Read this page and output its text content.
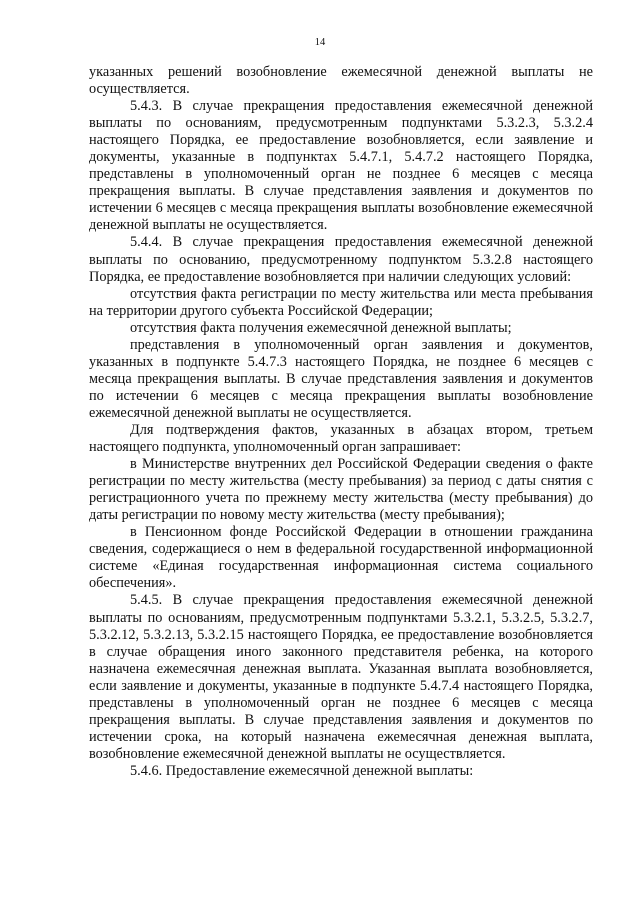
14

указанных решений возобновление ежемесячной денежной выплаты не осуществляется.

5.4.3. В случае прекращения предоставления ежемесячной денежной выплаты по основаниям, предусмотренным подпунктами 5.3.2.3, 5.3.2.4 настоящего Порядка, ее предоставление возобновляется, если заявление и документы, указанные в подпунктах 5.4.7.1, 5.4.7.2 настоящего Порядка, представлены в уполномоченный орган не позднее 6 месяцев с месяца прекращения выплаты. В случае представления заявления и документов по истечении 6 месяцев с месяца прекращения выплаты возобновление ежемесячной денежной выплаты не осуществляется.

5.4.4. В случае прекращения предоставления ежемесячной денежной выплаты по основанию, предусмотренному подпунктом 5.3.2.8 настоящего Порядка, ее предоставление возобновляется при наличии следующих условий:

отсутствия факта регистрации по месту жительства или места пребывания на территории другого субъекта Российской Федерации;

отсутствия факта получения ежемесячной денежной выплаты;

представления в уполномоченный орган заявления и документов, указанных в подпункте 5.4.7.3 настоящего Порядка, не позднее 6 месяцев с месяца прекращения выплаты. В случае представления заявления и документов по истечении 6 месяцев с месяца прекращения выплаты возобновление ежемесячной денежной выплаты не осуществляется.

Для подтверждения фактов, указанных в абзацах втором, третьем настоящего подпункта, уполномоченный орган запрашивает:

в Министерстве внутренних дел Российской Федерации сведения о факте регистрации по месту жительства (месту пребывания) за период с даты снятия с регистрационного учета по прежнему месту жительства (месту пребывания) до даты регистрации по новому месту жительства (месту пребывания);

в Пенсионном фонде Российской Федерации в отношении гражданина сведения, содержащиеся о нем в федеральной государственной информационной системе «Единая государственная информационная система социального обеспечения».

5.4.5. В случае прекращения предоставления ежемесячной денежной выплаты по основаниям, предусмотренным подпунктами 5.3.2.1, 5.3.2.5, 5.3.2.7, 5.3.2.12, 5.3.2.13, 5.3.2.15 настоящего Порядка, ее предоставление возобновляется в случае обращения иного законного представителя ребенка, на которого назначена ежемесячная денежная выплата. Указанная выплата возобновляется, если заявление и документы, указанные в подпункте 5.4.7.4 настоящего Порядка, представлены в уполномоченный орган не позднее 6 месяцев с месяца прекращения выплаты. В случае представления заявления и документов по истечении срока, на который назначена ежемесячная денежная выплата, возобновление ежемесячной денежной выплаты не осуществляется.

5.4.6. Предоставление ежемесячной денежной выплаты:
